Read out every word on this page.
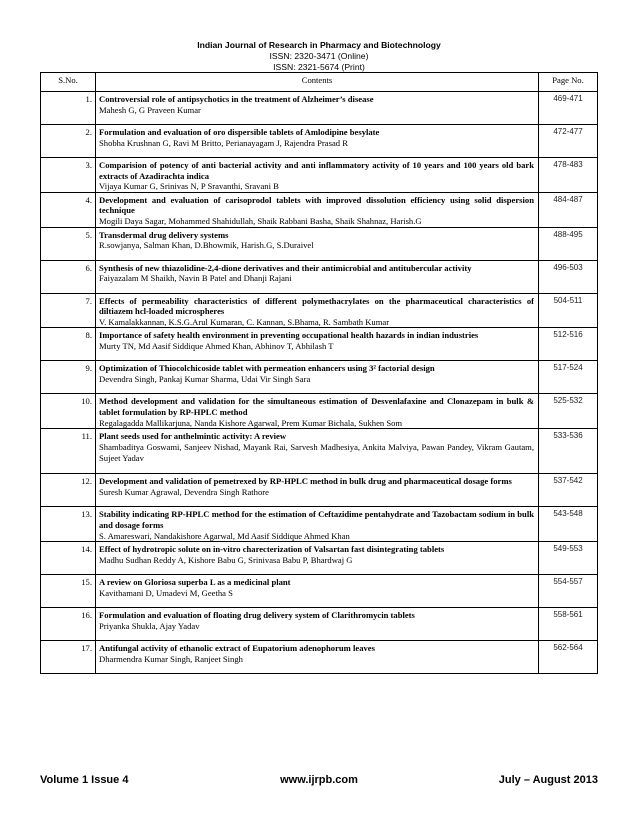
Indian Journal of Research in Pharmacy and Biotechnology
ISSN: 2320-3471 (Online)
ISSN: 2321-5674 (Print)
S.No.	Contents	Page No.
1.	Controversial role of antipsychotics in the treatment of Alzheimer’s disease
Mahesh G, G Praveen Kumar	469-471
2.	Formulation and evaluation of oro dispersible tablets of Amlodipine besylate
Shobha Krushnan G, Ravi M Britto, Perianayagam J, Rajendra Prasad R	472-477
3.	Comparision of potency of anti bacterial activity and anti inflammatory activity of 10 years and 100 years old bark extracts of Azadirachta indica
Vijaya Kumar G, Srinivas N, P Sravanthi, Sravani B	478-483
4.	Development and evaluation of carisoprodol tablets with improved dissolution efficiency using solid dispersion technique
Mogili Daya Sagar, Mohammed Shahidullah, Shaik Rabbani Basha, Shaik Shahnaz, Harish.G	484-487
5.	Transdermal drug delivery systems
R.sowjanya, Salman Khan, D.Bhowmik, Harish.G, S.Duraivel	488-495
6.	Synthesis of new thiazolidine-2,4-dione derivatives and their antimicrobial and antitubercular activity
Faiyazalam M Shaikh, Navin B Patel and Dhanji Rajani	496-503
7.	Effects of permeability characteristics of different polymethacrylates on the pharmaceutical characteristics of diltiazem hcl-loaded microspheres
V. Kamalakkannan, K.S.G.Arul Kumaran, C. Kannan, S.Bhama, R. Sambath Kumar	504-511
8.	Importance of safety health environment in preventing occupational health hazards in indian industries
Murty TN, Md Aasif Siddique Ahmed Khan, Abhinov T, Abhilash T	512-516
9.	Optimization of Thiocolchicoside tablet with permeation enhancers using 3² factorial design
Devendra Singh, Pankaj Kumar Sharma, Udai Vir Singh Sara	517-524
10.	Method development and validation for the simultaneous estimation of Desvenlafaxine and Clonazepam in bulk & tablet formulation by RP-HPLC method
Regalagadda Mallikarjuna, Nanda Kishore Agarwal, Prem Kumar Bichala, Sukhen Som	525-532
11.	Plant seeds used for anthelmintic activity: A review
Shambaditya Goswami, Sanjeev Nishad, Mayank Rai, Sarvesh Madhesiya, Ankita Malviya, Pawan Pandey, Vikram Gautam, Sujeet Yadav	533-536
12.	Development and validation of pemetrexed by RP-HPLC method in bulk drug and pharmaceutical dosage forms
Suresh Kumar Agrawal, Devendra Singh Rathore	537-542
13.	Stability indicating RP-HPLC method for the estimation of Ceftazidime pentahydrate and Tazobactam sodium in bulk and dosage forms
S. Amareswari, Nandakishore Agarwal, Md Aasif Siddique Ahmed Khan	543-548
14.	Effect of hydrotropic solute on in-vitro charecterization of Valsartan fast disintegrating tablets
Madhu Sudhan Reddy A, Kishore Babu G, Srinivasa Babu P, Bhardwaj G	549-553
15.	A review on Gloriosa superba L as a medicinal plant
Kavithamani D, Umadevi M, Geetha S	554-557
16.	Formulation and evaluation of floating drug delivery system of Clarithromycin tablets
Priyanka Shukla, Ajay Yadav	558-561
17.	Antifungal activity of ethanolic extract of Eupatorium adenophorum leaves
Dharmendra Kumar Singh, Ranjeet Singh	562-564
Volume 1 Issue 4	www.ijrpb.com	July – August 2013
